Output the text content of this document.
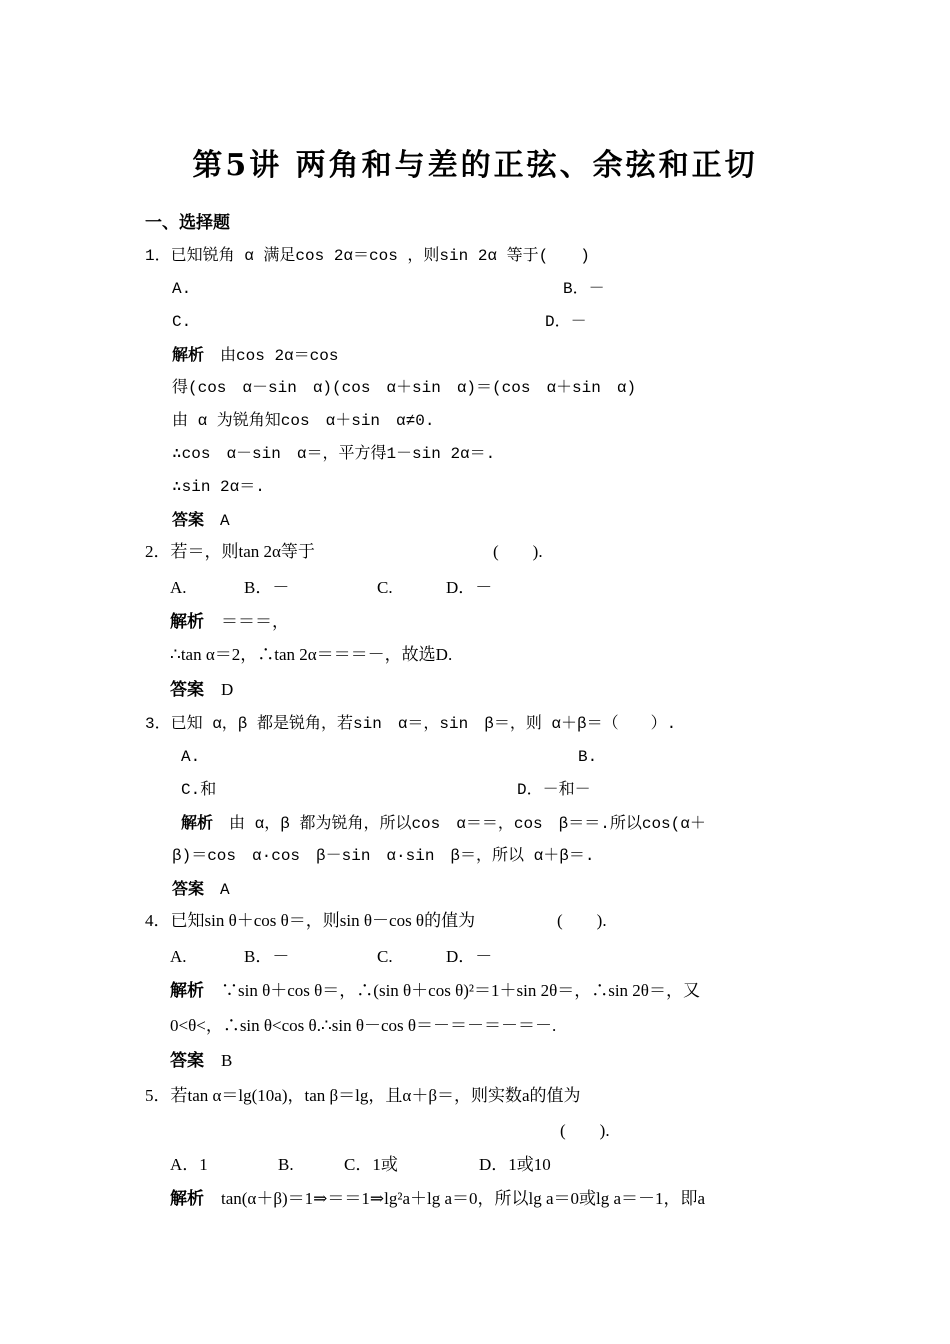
第5讲 两角和与差的正弦、余弦和正切
一、选择题
1．已知锐角 α 满足cos 2α＝cos ，则sin 2α 等于(　　)
A.	B．－
C.	D．－
解析　 由cos 2α＝cos
得(cos　α－sin　α)(cos　α＋sin　α)＝(cos　α＋sin　α)
由 α 为锐角知cos　α＋sin　α≠0.
∴cos　α－sin　α＝，平方得1－sin 2α＝.
∴sin 2α＝.
答案　 A
2．若＝，则tan 2α等于	(　　).
A.	B．－	C.	D．－
解析　 ＝＝＝，
∴tan α＝2，∴tan 2α＝＝＝－，故选D.
答案　 D
3．已知 α，β 都是锐角，若sin　α＝，sin　β＝，则 α＋β＝（　　）.
A.	B.
C.和	D．－和－
解析　 由 α，β 都为锐角，所以cos　α＝＝，cos　β＝＝.所以cos(α＋
β)＝cos　α·cos　β－sin　α·sin　β＝，所以 α＋β＝.
答案　 A
4．已知sin θ＋cos θ＝，则sin θ－cos θ的值为	(　　).
A.	B．－	C.	D．－
解析　 ∵sin θ＋cos θ＝，∴(sin θ＋cos θ)²＝1＋sin 2θ＝，∴sin 2θ＝，又
0<θ<，∴sin θ<cos θ.∴sin θ－cos θ＝－＝－＝－＝－.
答案　 B
5．若tan α＝lg(10a)，tan β＝lg，且α＋β＝，则实数a的值为
(　　).
A．1	B.	C．1或	D．1或10
解析　 tan(α＋β)＝1⇒＝＝1⇒lg²a＋lg a＝0，所以lg a＝0或lg a＝－1，即a
